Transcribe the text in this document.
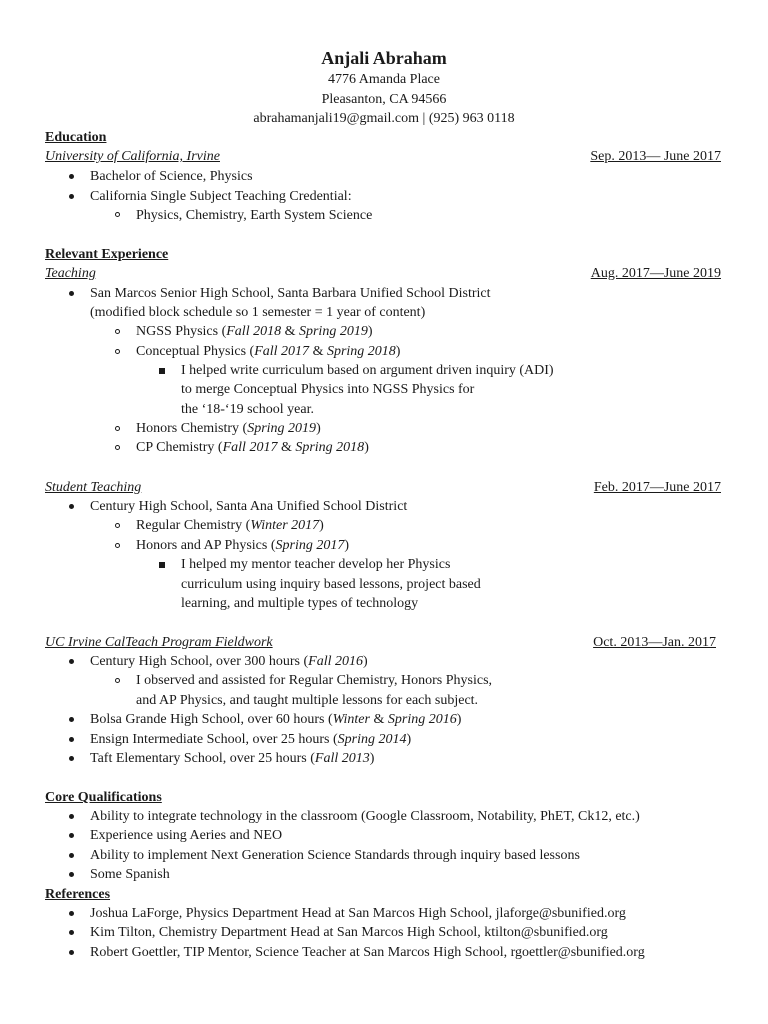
Anjali Abraham
4776 Amanda Place
Pleasanton, CA 94566
abrahamanjali19@gmail.com | (925) 963 0118
Education
University of California, Irvine	Sep. 2013— June 2017
Bachelor of Science, Physics
California Single Subject Teaching Credential:
Physics, Chemistry, Earth System Science
Relevant Experience
Teaching	Aug. 2017—June 2019
San Marcos Senior High School, Santa Barbara Unified School District
(modified block schedule so 1 semester = 1 year of content)
NGSS Physics (Fall 2018 & Spring 2019)
Conceptual Physics (Fall 2017 & Spring 2018)
I helped write curriculum based on argument driven inquiry (ADI)
to merge Conceptual Physics into NGSS Physics for
the ‘18-‘19 school year.
Honors Chemistry (Spring 2019)
CP Chemistry (Fall 2017 & Spring 2018)
Student Teaching	Feb. 2017—June 2017
Century High School, Santa Ana Unified School District
Regular Chemistry (Winter 2017)
Honors and AP Physics (Spring 2017)
I helped my mentor teacher develop her Physics
curriculum using inquiry based lessons, project based
learning, and multiple types of technology
UC Irvine CalTeach Program Fieldwork	Oct. 2013—Jan. 2017
Century High School, over 300 hours (Fall 2016)
I observed and assisted for Regular Chemistry, Honors Physics,
and AP Physics, and taught multiple lessons for each subject.
Bolsa Grande High School, over 60 hours (Winter & Spring 2016)
Ensign Intermediate School, over 25 hours (Spring 2014)
Taft Elementary School, over 25 hours (Fall 2013)
Core Qualifications
Ability to integrate technology in the classroom (Google Classroom, Notability, PhET, Ck12, etc.)
Experience using Aeries and NEO
Ability to implement Next Generation Science Standards through inquiry based lessons
Some Spanish
References
Joshua LaForge, Physics Department Head at San Marcos High School, jlaforge@sbunified.org
Kim Tilton, Chemistry Department Head at San Marcos High School, ktilton@sbunified.org
Robert Goettler, TIP Mentor, Science Teacher at San Marcos High School, rgoettler@sbunified.org
